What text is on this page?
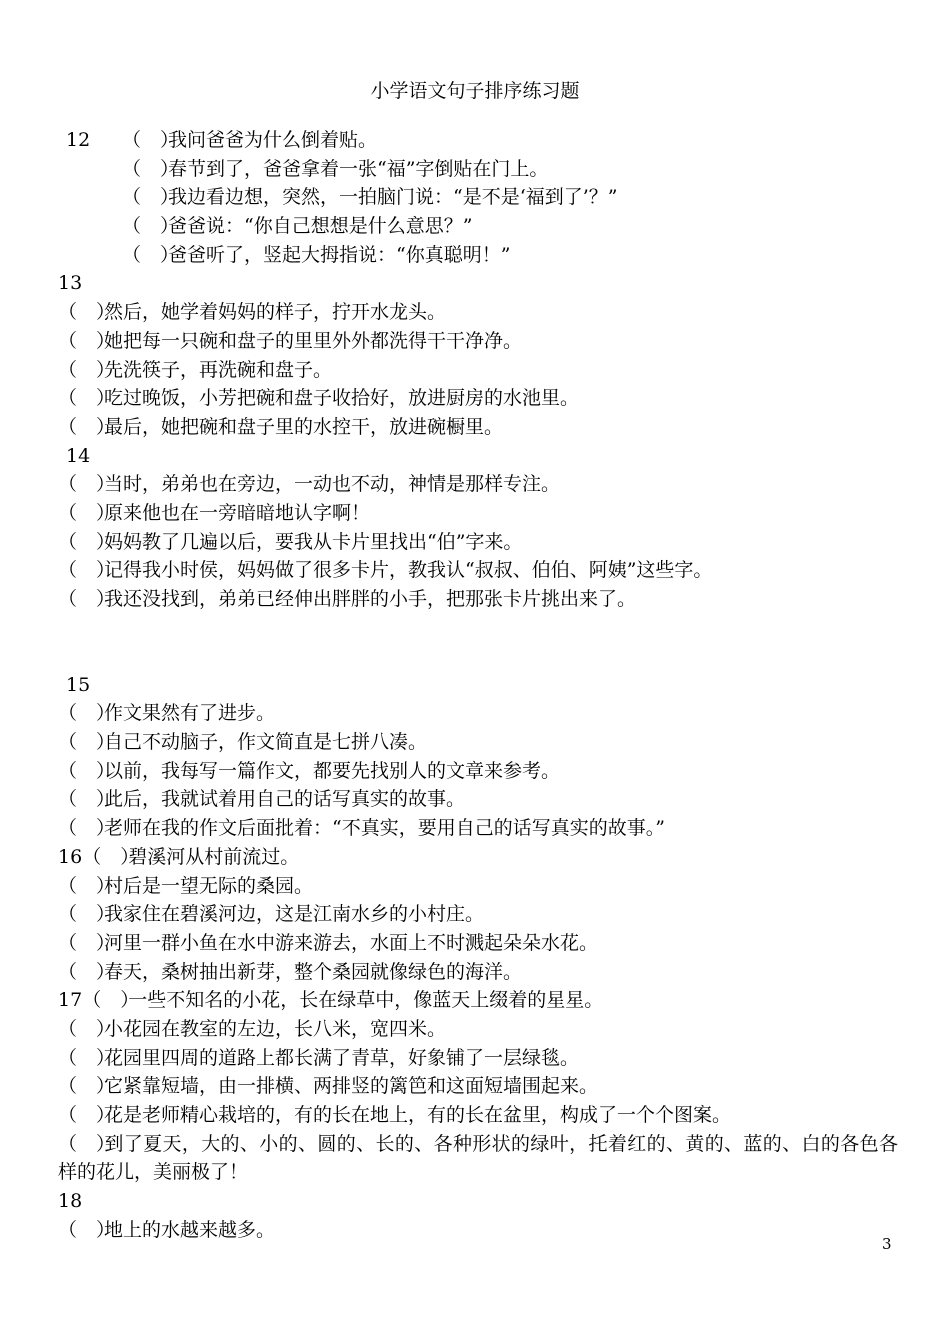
小学语文句子排序练习题
12 （　）我问爸爸为什么倒着贴。
（　）春节到了，爸爸拿着一张“福”字倒贴在门上。
（　）我边看边想，突然，一拍脑门说：“是不是‘福到了’？”
（　）爸爸说：“你自己想想是什么意思？”
（　）爸爸听了，竖起大拇指说：“你真聪明！”
13
（　）然后，她学着妈妈的样子，拧开水龙头。
（　）她把每一只碗和盘子的里里外外都洗得干干净净。
（　）先洗筷子，再洗碗和盘子。
（　）吃过晚饭，小芳把碗和盘子收拾好，放进厨房的水池里。
（　）最后，她把碗和盘子里的水控干，放进碗橱里。
14
（　）当时，弟弟也在旁边，一动也不动，神情是那样专注。
（　）原来他也在一旁暗暗地认字啊！
（　）妈妈教了几遍以后，要我从卡片里找出“伯”字来。
（　）记得我小时侯，妈妈做了很多卡片，教我认“叔叔、伯伯、阿姨”这些字。
（　）我还没找到，弟弟已经伸出胖胖的小手，把那张卡片挑出来了。
15
（　）作文果然有了进步。
（　）自己不动脑子，作文简直是七拼八凑。
（　）以前，我每写一篇作文，都要先找别人的文章来参考。
（　）此后，我就试着用自己的话写真实的故事。
（　）老师在我的作文后面批着：“不真实，要用自己的话写真实的故事。”
16（　）碧溪河从村前流过。
（　）村后是一望无际的桑园。
（　）我家住在碧溪河边，这是江南水乡的小村庄。
（　）河里一群小鱼在水中游来游去，水面上不时溅起朵朵水花。
（　）春天，桑树抽出新芽，整个桑园就像绿色的海洋。
17（　）一些不知名的小花，长在绿草中，像蓝天上缀着的星星。
（　）小花园在教室的左边，长八米，宽四米。
（　）花园里四周的道路上都长满了青草，好象铺了一层绿毯。
（　）它紧靠短墙，由一排横、两排竖的篱笆和这面短墙围起来。
（　）花是老师精心栽培的，有的长在地上，有的长在盆里，构成了一个个图案。
（　）到了夏天，大的、小的、圆的、长的、各种形状的绿叶，托着红的、黄的、蓝的、白的各色各样的花儿，美丽极了！
18
（　）地上的水越来越多。
3
